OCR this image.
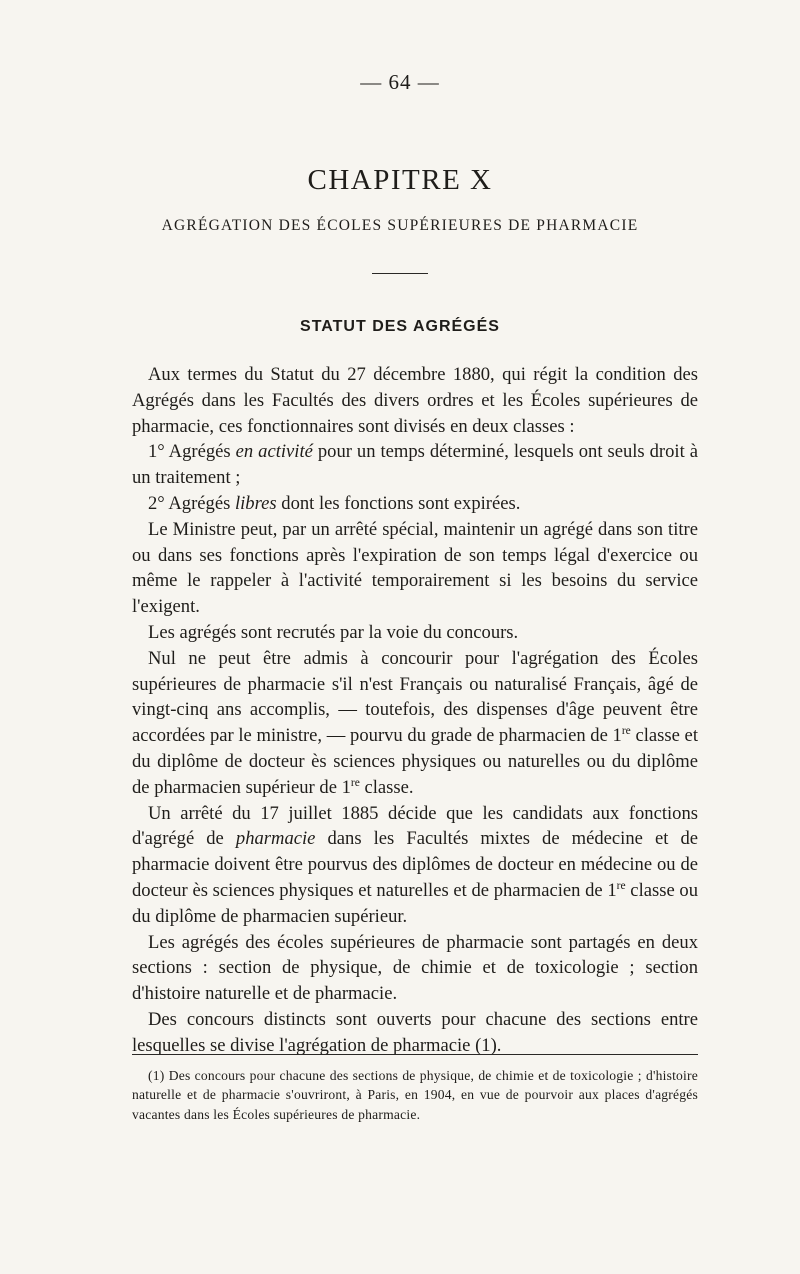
— 64 —
CHAPITRE X
AGRÉGATION DES ÉCOLES SUPÉRIEURES DE PHARMACIE
STATUT DES AGRÉGÉS

Aux termes du Statut du 27 décembre 1880, qui régit la condition des Agrégés dans les Facultés des divers ordres et les Écoles supérieures de pharmacie, ces fonctionnaires sont divisés en deux classes :

1° Agrégés en activité pour un temps déterminé, lesquels ont seuls droit à un traitement ;

2° Agrégés libres dont les fonctions sont expirées.

Le Ministre peut, par un arrêté spécial, maintenir un agrégé dans son titre ou dans ses fonctions après l'expiration de son temps légal d'exercice ou même le rappeler à l'activité temporairement si les besoins du service l'exigent.

Les agrégés sont recrutés par la voie du concours.

Nul ne peut être admis à concourir pour l'agrégation des Écoles supérieures de pharmacie s'il n'est Français ou naturalisé Français, âgé de vingt-cinq ans accomplis, — toutefois, des dispenses d'âge peuvent être accordées par le ministre, — pourvu du grade de pharmacien de 1re classe et du diplôme de docteur ès sciences physiques ou naturelles ou du diplôme de pharmacien supérieur de 1re classe.

Un arrêté du 17 juillet 1885 décide que les candidats aux fonctions d'agrégé de pharmacie dans les Facultés mixtes de médecine et de pharmacie doivent être pourvus des diplômes de docteur en médecine ou de docteur ès sciences physiques et naturelles et de pharmacien de 1re classe ou du diplôme de pharmacien supérieur.

Les agrégés des écoles supérieures de pharmacie sont partagés en deux sections : section de physique, de chimie et de toxicologie ; section d'histoire naturelle et de pharmacie.

Des concours distincts sont ouverts pour chacune des sections entre lesquelles se divise l'agrégation de pharmacie (1).

(1) Des concours pour chacune des sections de physique, de chimie et de toxicologie ; d'histoire naturelle et de pharmacie s'ouvriront, à Paris, en 1904, en vue de pourvoir aux places d'agrégés vacantes dans les Écoles supérieures de pharmacie.
